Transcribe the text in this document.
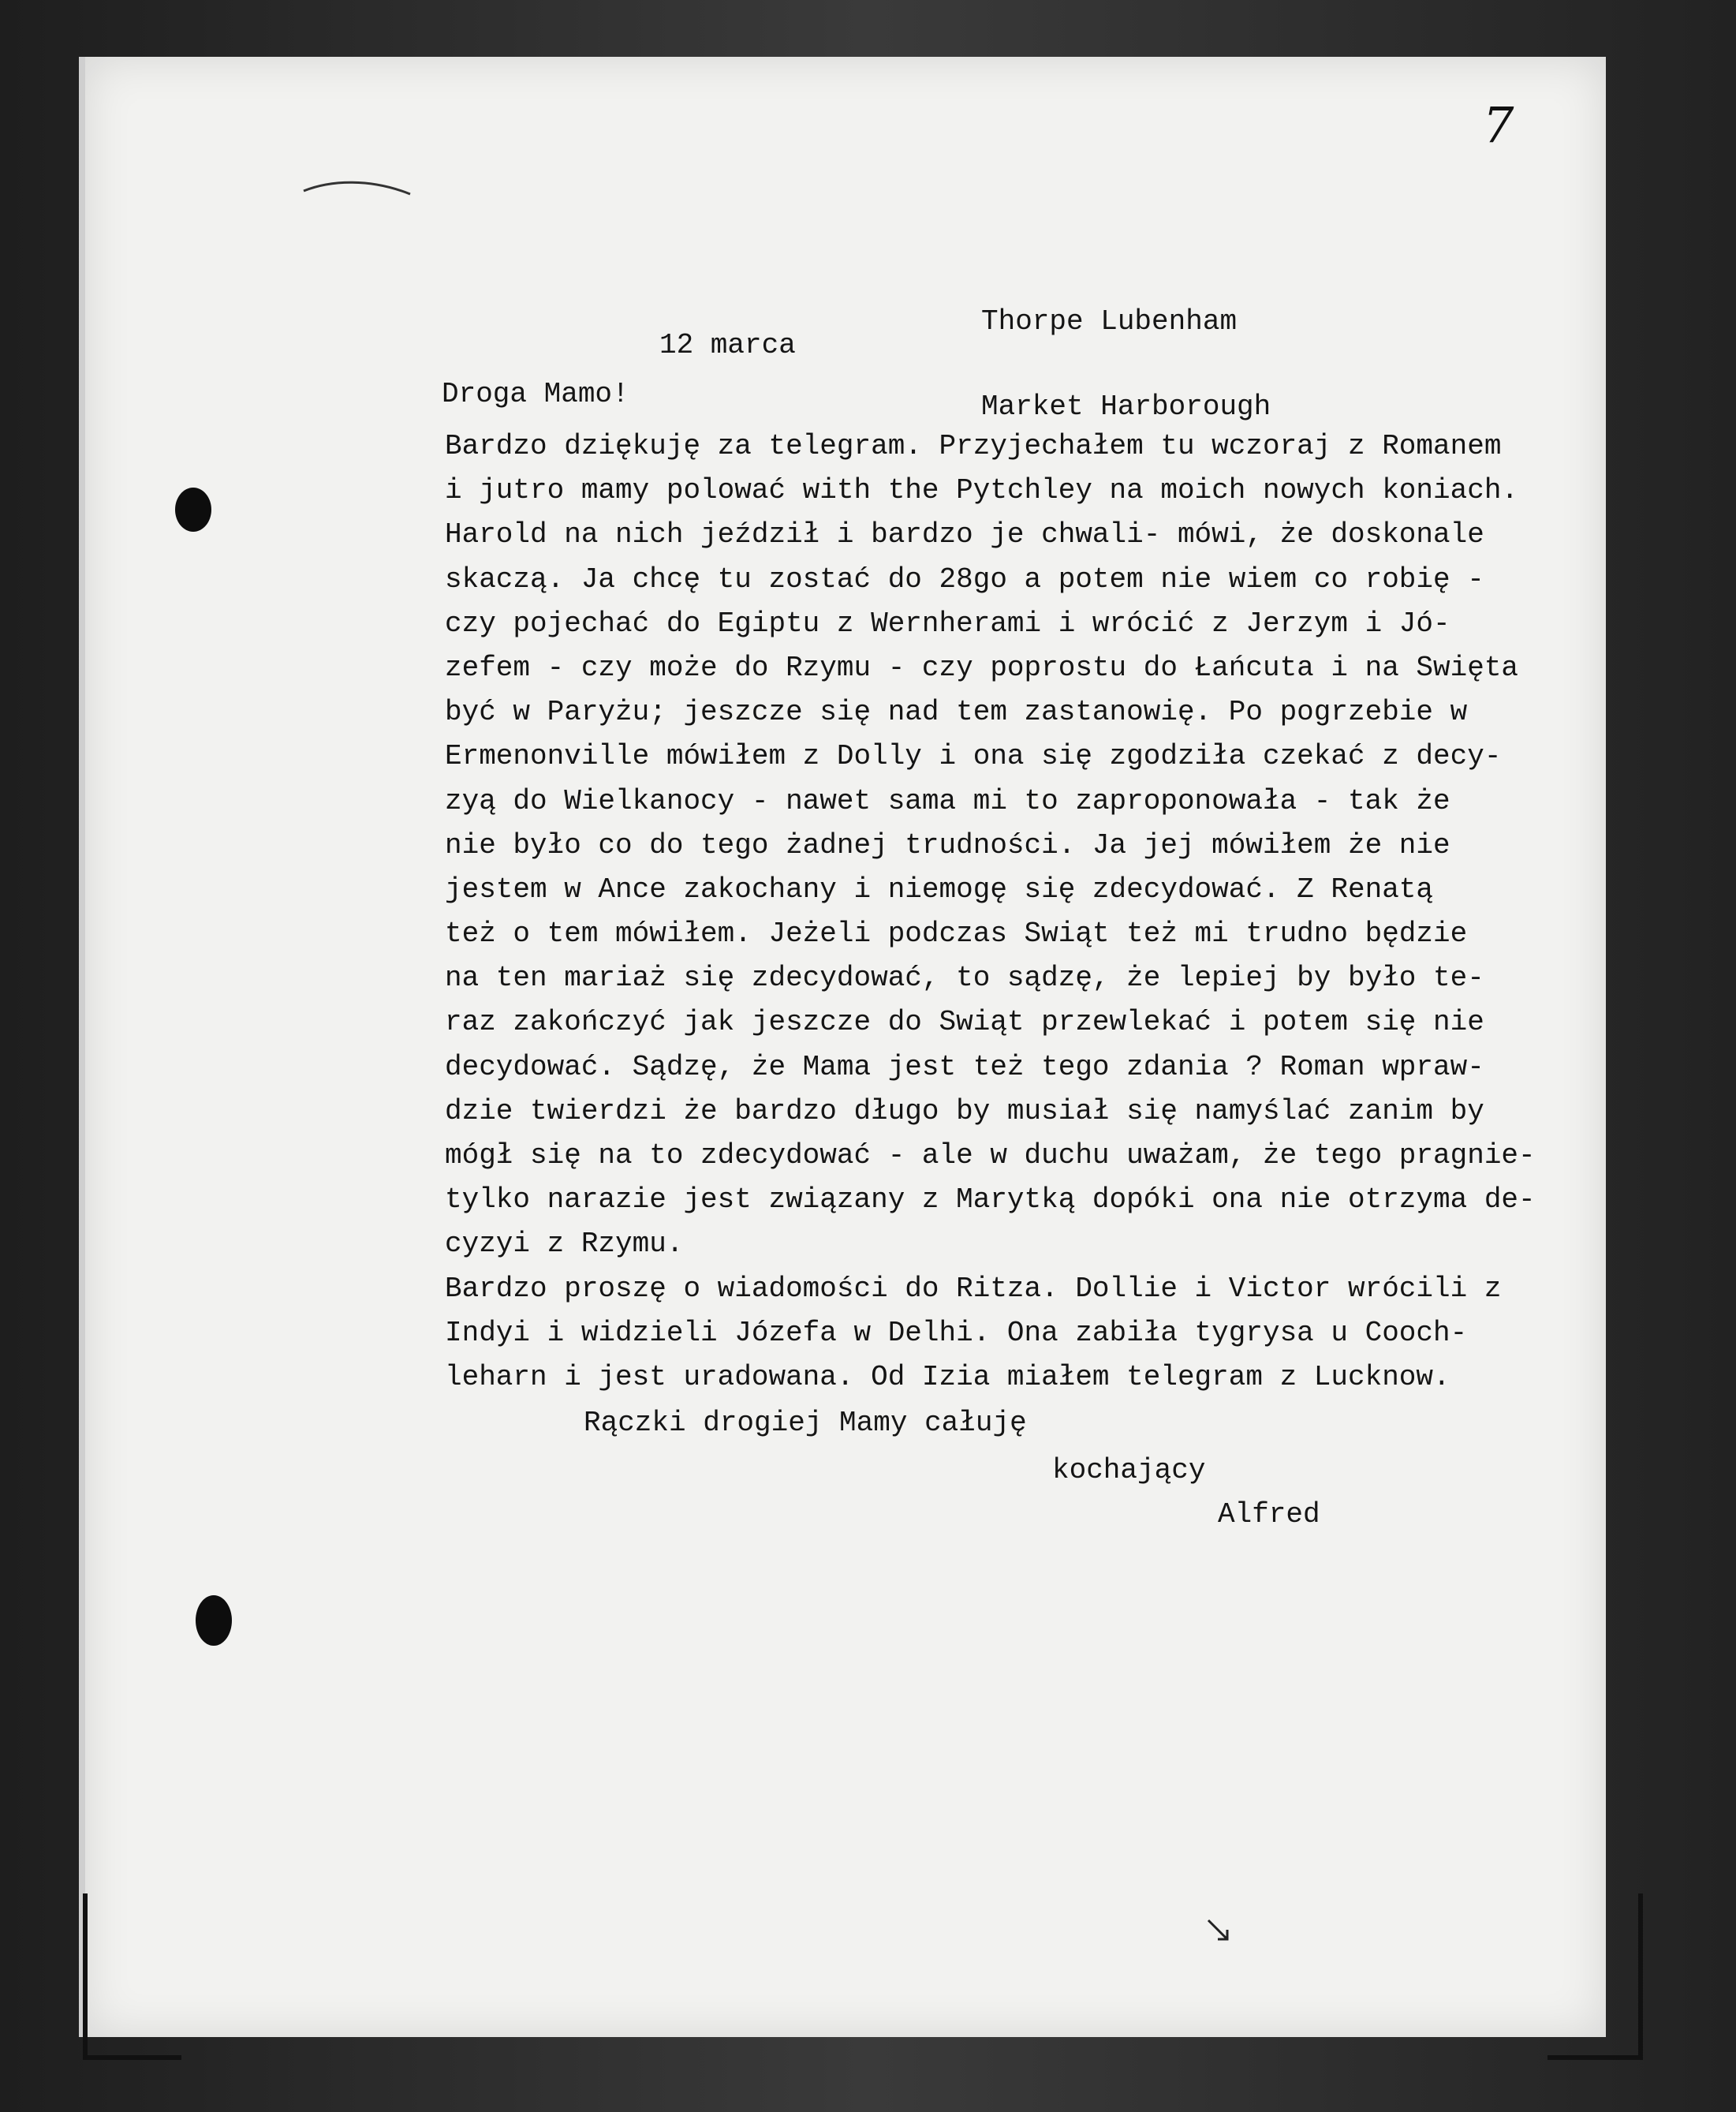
7

Thorpe Lubenham

Market Harborough

12 marca
Droga Mamo!
Bardzo dziękuję za telegram. Przyjechałem tu wczoraj z Romanem
i jutro mamy polować with the Pytchley na moich nowych koniach.
Harold na nich jeździł i bardzo je chwali- mówi, że doskonale
skaczą. Ja chcę tu zostać do 28go a potem nie wiem co robię -
czy pojechać do Egiptu z Wernherami i wrócić z Jerzym i Jó-
zefem - czy może do Rzymu - czy poprostu do Łańcuta i na Swięta
być w Paryżu; jeszcze się nad tem zastanowię. Po pogrzebie w
Ermenonville mówiłem z Dolly i ona się zgodziła czekać z decy-
zyą do Wielkanocy - nawet sama mi to zaproponowała - tak że
nie było co do tego żadnej trudności. Ja jej mówiłem że nie
jestem w Ance zakochany i niemogę się zdecydować. Z Renatą
też o tem mówiłem. Jeżeli podczas Swiąt też mi trudno będzie
na ten mariaż się zdecydować, to sądzę, że lepiej by było te-
raz zakończyć jak jeszcze do Swiąt przewlekać i potem się nie
decydować. Sądzę, że Mama jest też tego zdania ? Roman wpraw-
dzie twierdzi że bardzo długo by musiał się namyślać zanim by
mógł się na to zdecydować - ale w duchu uważam, że tego pragnie-
tylko narazie jest związany z Marytką dopóki ona nie otrzyma de-
cyzyi z Rzymu.
Bardzo proszę o wiadomości do Ritza. Dollie i Victor wrócili z
Indyi i widzieli Józefa w Delhi. Ona zabiła tygrysa u Cooch-
leharn i jest uradowana. Od Izia miałem telegram z Lucknow.
Rączki drogiej Mamy całuję
kochający
Alfred
